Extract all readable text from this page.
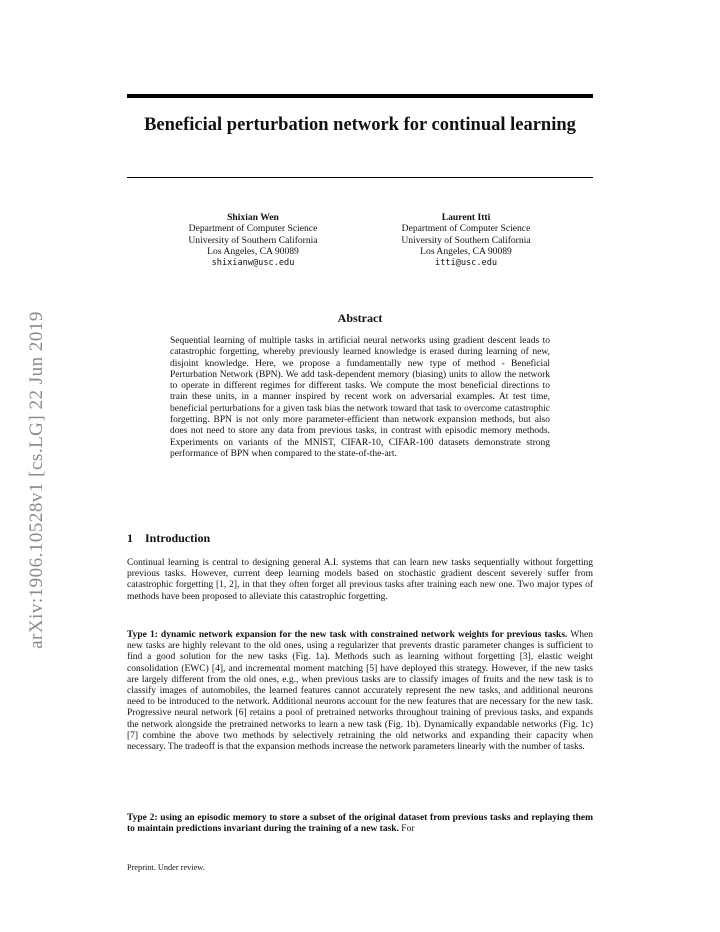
arXiv:1906.10528v1 [cs.LG] 22 Jun 2019
Beneficial perturbation network for continual learning
Shixian Wen
Department of Computer Science
University of Southern California
Los Angeles, CA 90089
shixianw@usc.edu
Laurent Itti
Department of Computer Science
University of Southern California
Los Angeles, CA 90089
itti@usc.edu
Abstract

Sequential learning of multiple tasks in artificial neural networks using gradient descent leads to catastrophic forgetting, whereby previously learned knowledge is erased during learning of new, disjoint knowledge. Here, we propose a fundamentally new type of method - Beneficial Perturbation Network (BPN). We add task-dependent memory (biasing) units to allow the network to operate in different regimes for different tasks. We compute the most beneficial directions to train these units, in a manner inspired by recent work on adversarial examples. At test time, beneficial perturbations for a given task bias the network toward that task to overcome catastrophic forgetting. BPN is not only more parameter-efficient than network expansion methods, but also does not need to store any data from previous tasks, in contrast with episodic memory methods. Experiments on variants of the MNIST, CIFAR-10, CIFAR-100 datasets demonstrate strong performance of BPN when compared to the state-of-the-art.

1 Introduction

Continual learning is central to designing general A.I. systems that can learn new tasks sequentially without forgetting previous tasks. However, current deep learning models based on stochastic gradient descent severely suffer from catastrophic forgetting [1, 2], in that they often forget all previous tasks after training each new one. Two major types of methods have been proposed to alleviate this catastrophic forgetting.

Type 1: dynamic network expansion for the new task with constrained network weights for previous tasks. When new tasks are highly relevant to the old ones, using a regularizer that prevents drastic parameter changes is sufficient to find a good solution for the new tasks (Fig. 1a). Methods such as learning without forgetting [3], elastic weight consolidation (EWC) [4], and incremental moment matching [5] have deployed this strategy. However, if the new tasks are largely different from the old ones, e.g., when previous tasks are to classify images of fruits and the new task is to classify images of automobiles, the learned features cannot accurately represent the new tasks, and additional neurons need to be introduced to the network. Additional neurons account for the new features that are necessary for the new task. Progressive neural network [6] retains a pool of pretrained networks throughout training of previous tasks, and expands the network alongside the pretrained networks to learn a new task (Fig. 1b). Dynamically expandable networks (Fig. 1c) [7] combine the above two methods by selectively retraining the old networks and expanding their capacity when necessary. The tradeoff is that the expansion methods increase the network parameters linearly with the number of tasks.

Type 2: using an episodic memory to store a subset of the original dataset from previous tasks and replaying them to maintain predictions invariant during the training of a new task. For

Preprint. Under review.
